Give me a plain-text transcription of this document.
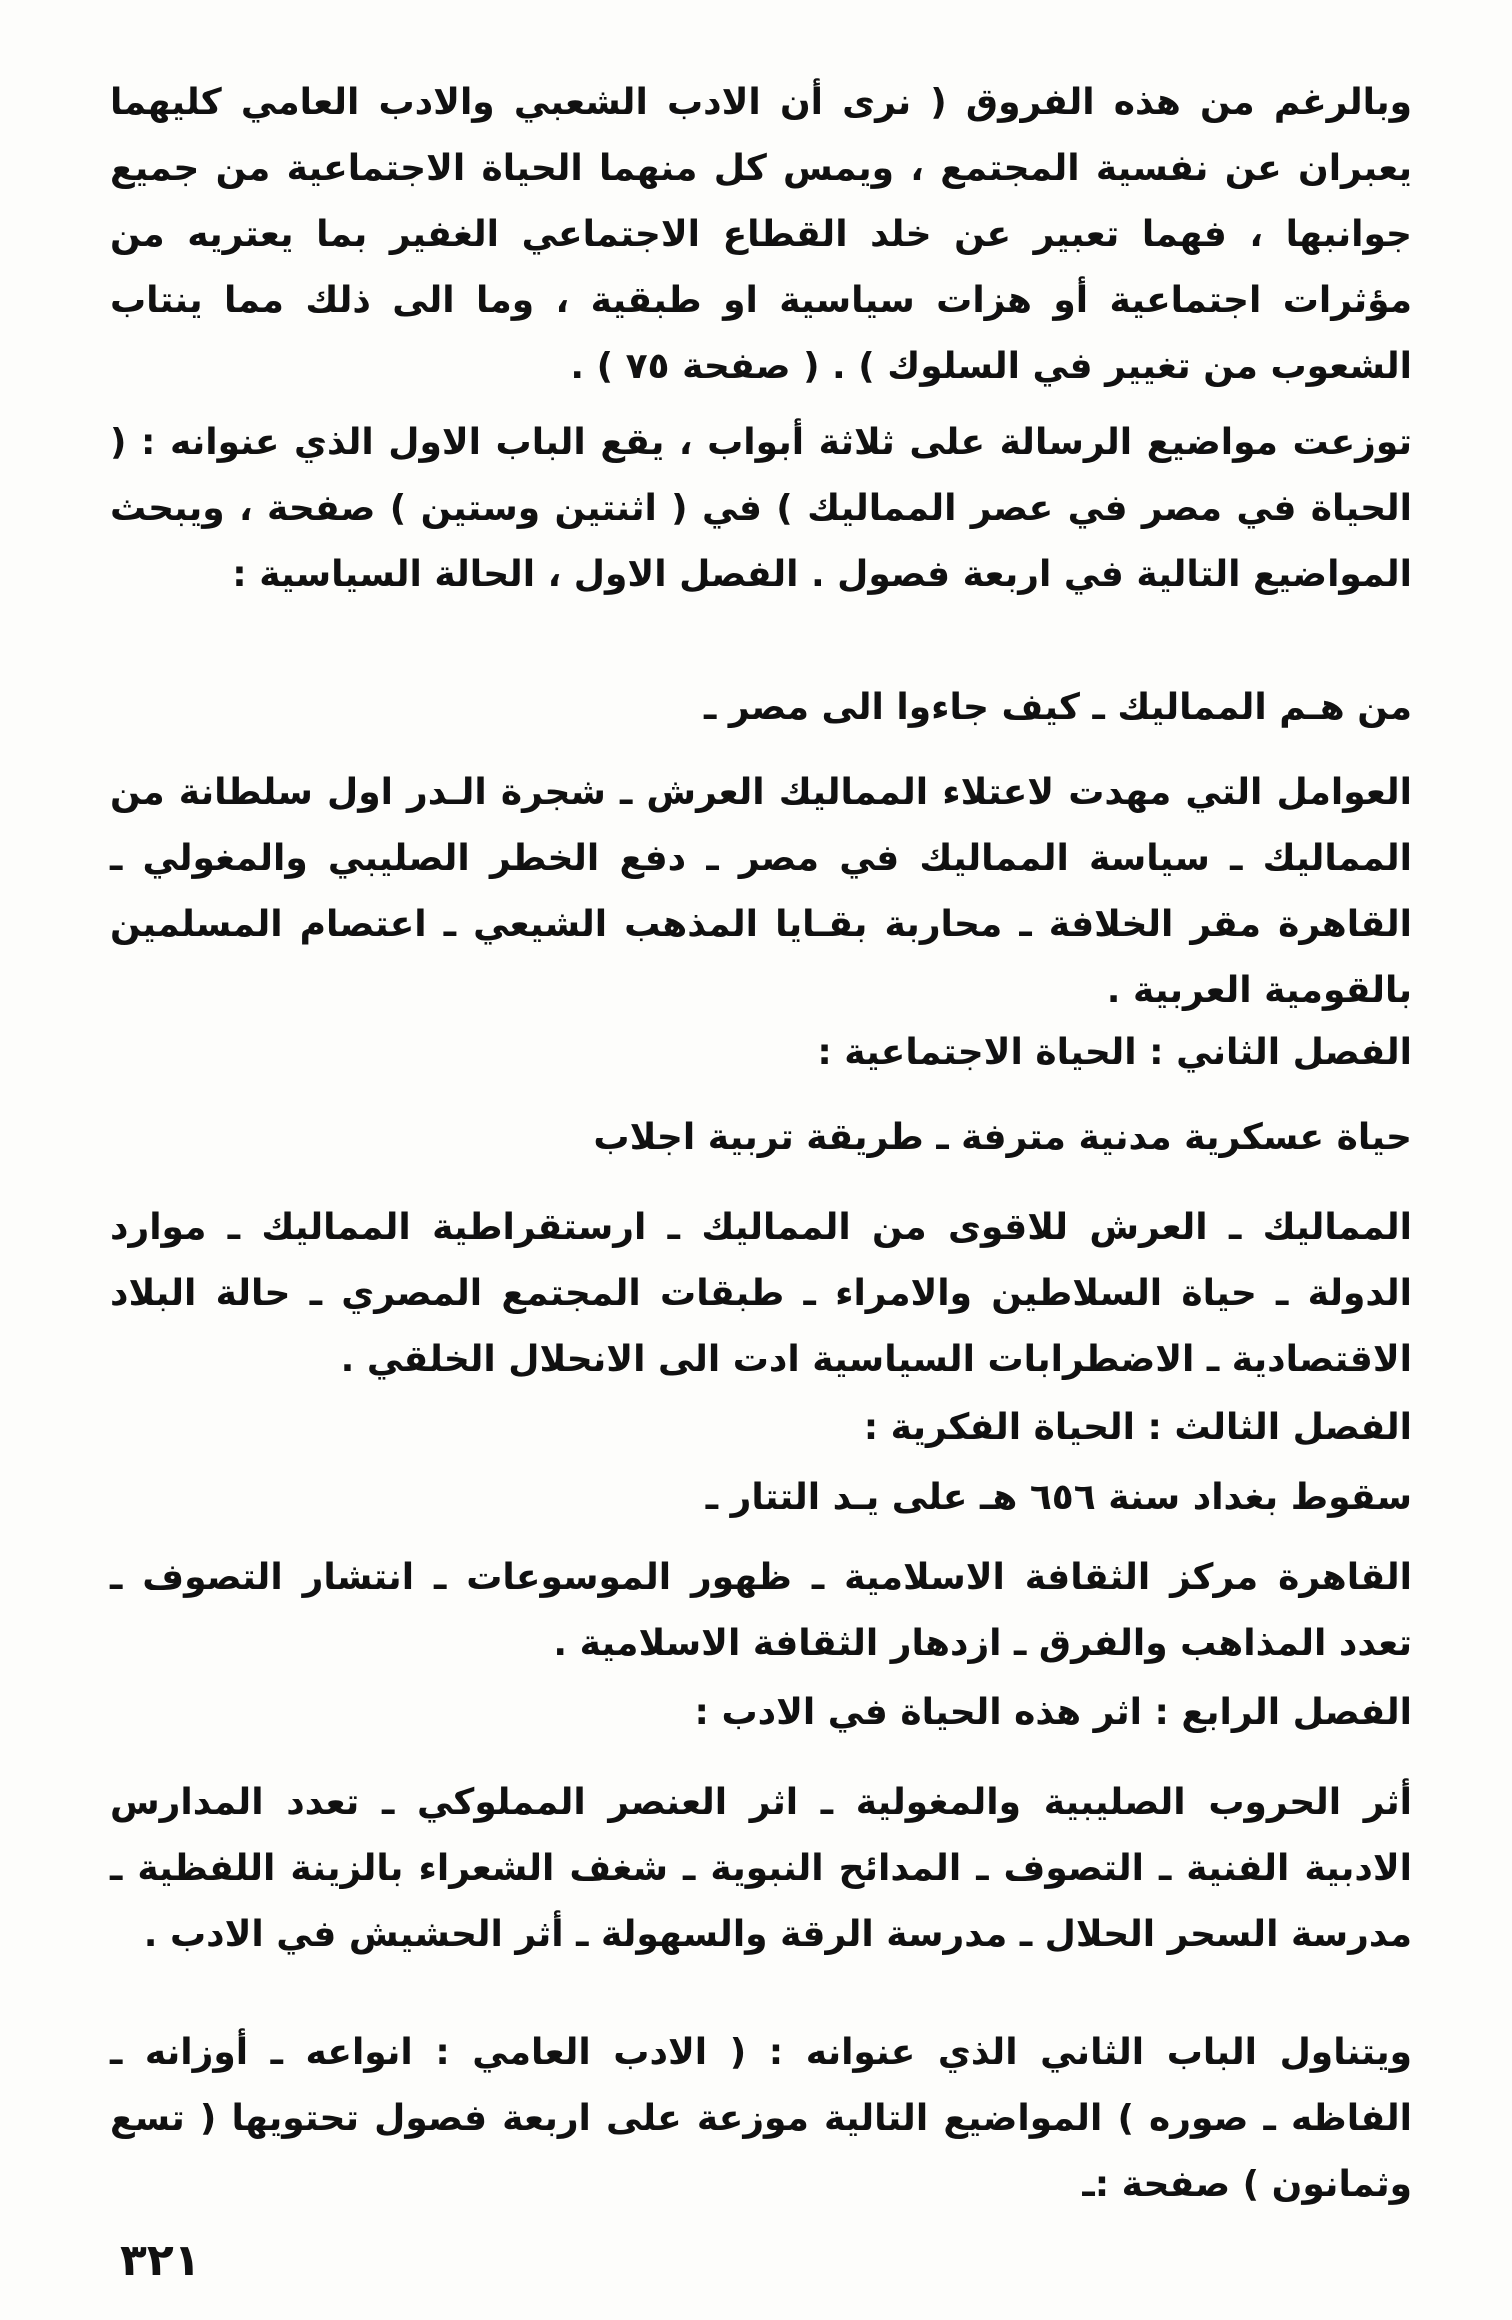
وبالرغم من هذه الفروق ( نرى أن الادب الشعبي والادب العامي كليهما يعبران عن نفسية المجتمع ، ويمس كل منهما الحياة الاجتماعية من جميع جوانبها ، فهما تعبير عن خلد القطاع الاجتماعي الغفير بما يعتريه من مؤثرات اجتماعية أو هزات سياسية او طبقية ، وما الى ذلك مما ينتاب الشعوب من تغيير في السلوك ) . ( صفحة ٧٥ ) .

توزعت مواضيع الرسالة على ثلاثة أبواب ، يقع الباب الاول الذي عنوانه : ( الحياة في مصر في عصر المماليك ) في ( اثنتين وستين ) صفحة ، ويبحث المواضيع التالية في اربعة فصول . الفصل الاول ، الحالة السياسية :

من هـم المماليك ـ كيف جاءوا الى مصر ـ

العوامل التي مهدت لاعتلاء المماليك العرش ـ شجرة الـدر اول سلطانة من المماليك ـ سياسة المماليك في مصر ـ دفع الخطر الصليبي والمغولي ـ القاهرة مقر الخلافة ـ محاربة بقـايا المذهب الشيعي ـ اعتصام المسلمين بالقومية العربية .

الفصل الثاني : الحياة الاجتماعية :

حياة عسكرية مدنية مترفة ـ طريقة تربية اجلاب

المماليك ـ العرش للاقوى من المماليك ـ ارستقراطية المماليك ـ موارد الدولة ـ حياة السلاطين والامراء ـ طبقات المجتمع المصري ـ حالة البلاد الاقتصادية ـ الاضطرابات السياسية ادت الى الانحلال الخلقي .

الفصل الثالث : الحياة الفكرية :

سقوط بغداد سنة ٦٥٦ هـ على يـد التتار ـ

القاهرة مركز الثقافة الاسلامية ـ ظهور الموسوعات ـ انتشار التصوف ـ تعدد المذاهب والفرق ـ ازدهار الثقافة الاسلامية .

الفصل الرابع : اثر هذه الحياة في الادب :

أثر الحروب الصليبية والمغولية ـ اثر العنصر المملوكي ـ تعدد المدارس الادبية الفنية ـ التصوف ـ المدائح النبوية ـ شغف الشعراء بالزينة اللفظية ـ مدرسة السحر الحلال ـ مدرسة الرقة والسهولة ـ أثر الحشيش في الادب .

ويتناول الباب الثاني الذي عنوانه : ( الادب العامي : انواعه ـ أوزانه ـ الفاظه ـ صوره ) المواضيع التالية موزعة على اربعة فصول تحتويها ( تسع وثمانون ) صفحة :ـ

٣٢١
